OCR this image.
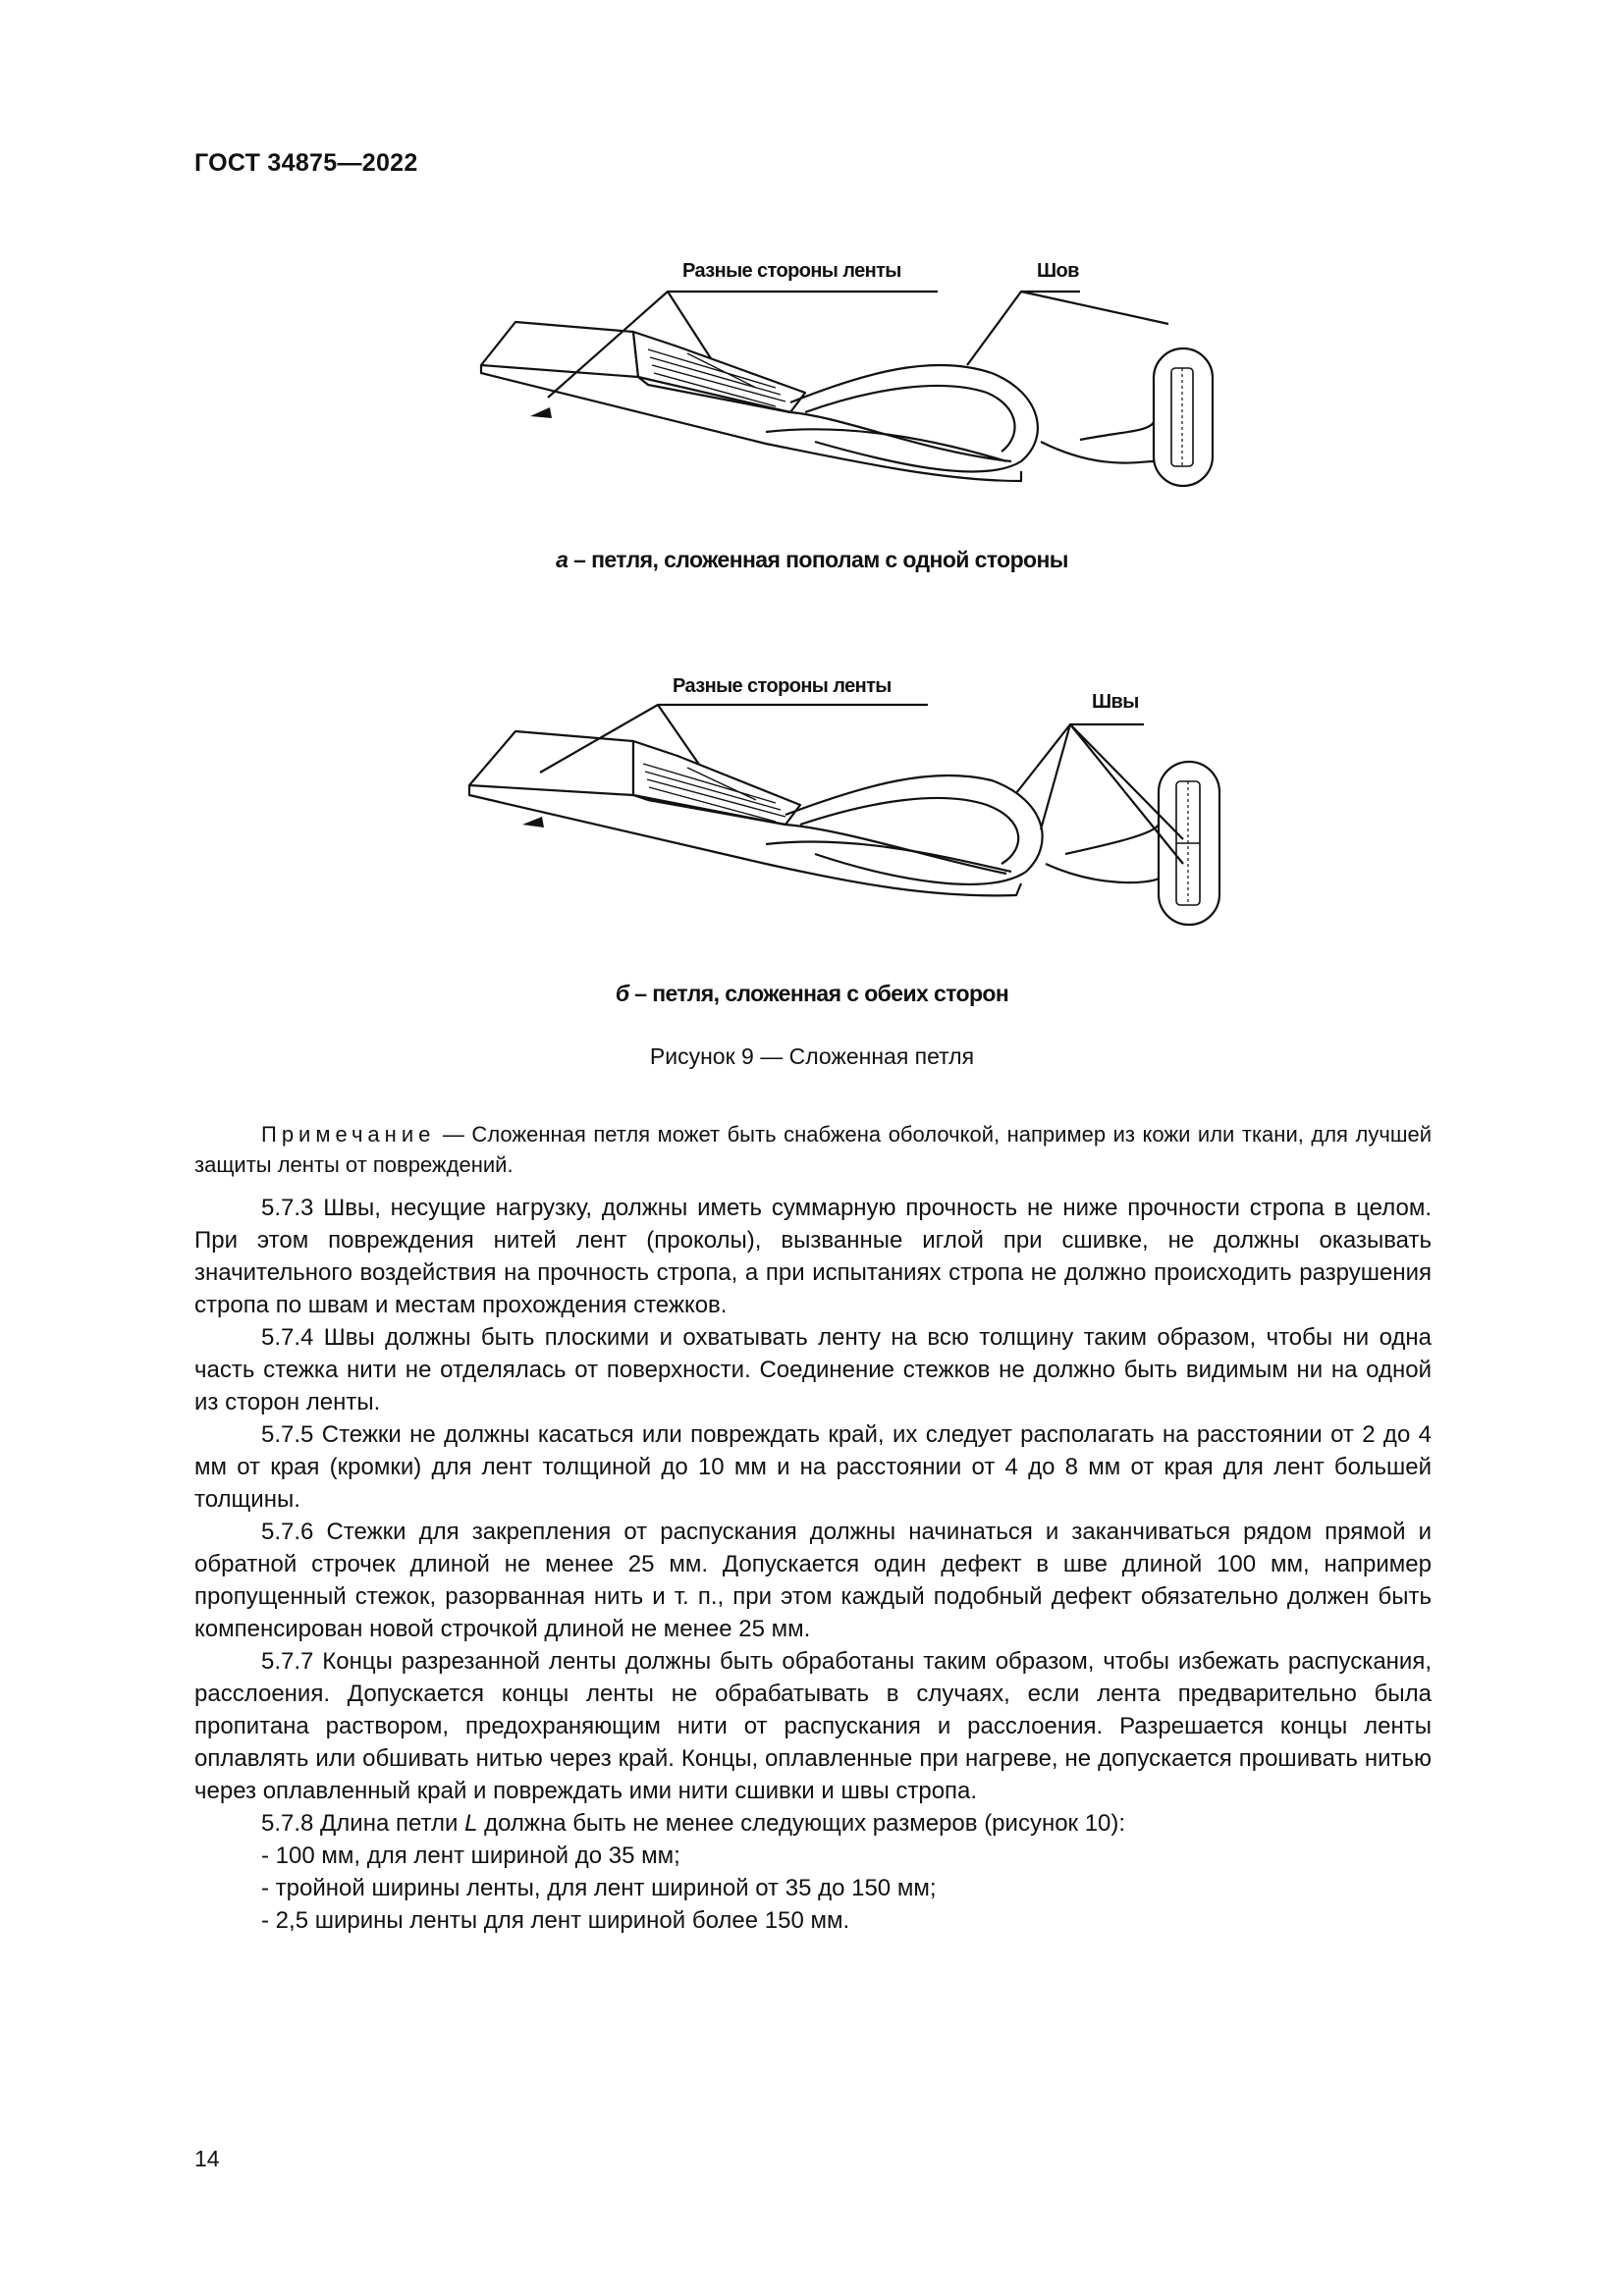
ГОСТ 34875—2022
Разные стороны ленты	Шов
а – петля, сложенная пополам с одной стороны
Разные стороны ленты
Швы
б – петля, сложенная с обеих сторон
Рисунок 9 — Сложенная петля
Примечание — Сложенная петля может быть снабжена оболочкой, например из кожи или ткани, для лучшей защиты ленты от повреждений.

5.7.3 Швы, несущие нагрузку, должны иметь суммарную прочность не ниже прочности стропа в целом. При этом повреждения нитей лент (проколы), вызванные иглой при сшивке, не должны оказывать значительного воздействия на прочность стропа, а при испытаниях стропа не должно происходить разрушения стропа по швам и местам прохождения стежков.

5.7.4 Швы должны быть плоскими и охватывать ленту на всю толщину таким образом, чтобы ни одна часть стежка нити не отделялась от поверхности. Соединение стежков не должно быть видимым ни на одной из сторон ленты.

5.7.5 Стежки не должны касаться или повреждать край, их следует располагать на расстоянии от 2 до 4 мм от края (кромки) для лент толщиной до 10 мм и на расстоянии от 4 до 8 мм от края для лент большей толщины.

5.7.6 Стежки для закрепления от распускания должны начинаться и заканчиваться рядом прямой и обратной строчек длиной не менее 25 мм. Допускается один дефект в шве длиной 100 мм, например пропущенный стежок, разорванная нить и т. п., при этом каждый подобный дефект обязательно должен быть компенсирован новой строчкой длиной не менее 25 мм.

5.7.7 Концы разрезанной ленты должны быть обработаны таким образом, чтобы избежать распускания, расслоения. Допускается концы ленты не обрабатывать в случаях, если лента предварительно была пропитана раствором, предохраняющим нити от распускания и расслоения. Разрешается концы ленты оплавлять или обшивать нитью через край. Концы, оплавленные при нагреве, не допускается прошивать нитью через оплавленный край и повреждать ими нити сшивки и швы стропа.

5.7.8 Длина петли L должна быть не менее следующих размеров (рисунок 10):

- 100 мм, для лент шириной до 35 мм;
- тройной ширины ленты, для лент шириной от 35 до 150 мм;
- 2,5 ширины ленты для лент шириной более 150 мм.
14
